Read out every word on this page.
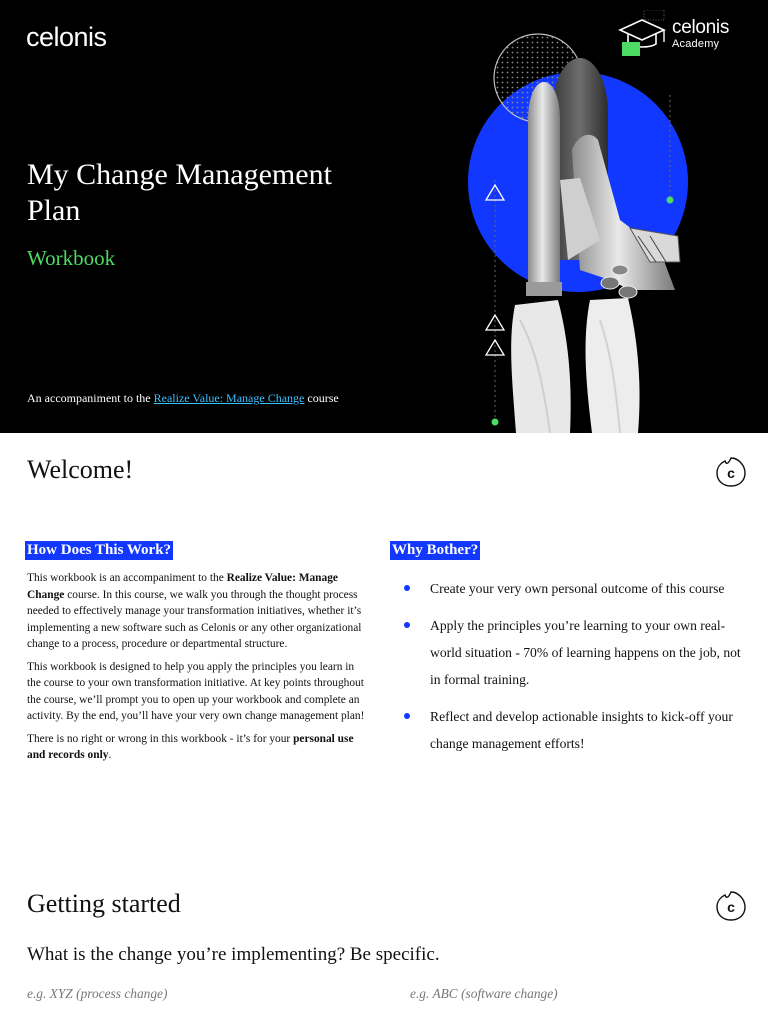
celonis
My Change Management Plan
Workbook
An accompaniment to the Realize Value: Manage Change course
celonis
Academy
Welcome!	c
How Does This Work?	Why Bother?

This workbook is an accompaniment to the Realize Value: Manage Change course. In this course, we walk you through the thought process needed to effectively manage your transformation initiatives, whether it’s implementing a new software such as Celonis or any other organizational change to a process, procedure or departmental structure.

This workbook is designed to help you apply the principles you learn in the course to your own transformation initiative. At key points throughout the course, we’ll prompt you to open up your workbook and complete an activity. By the end, you’ll have your very own change management plan!

There is no right or wrong in this workbook - it’s for your personal use and records only.

Create your very own personal outcome of this course
Apply the principles you’re learning to your own real-world situation - 70% of learning happens on the job, not in formal training.
Reflect and develop actionable insights to kick-off your change management efforts!
Getting started	c
What is the change you’re implementing? Be specific.
e.g. XYZ (process change)	e.g. ABC (software change)
